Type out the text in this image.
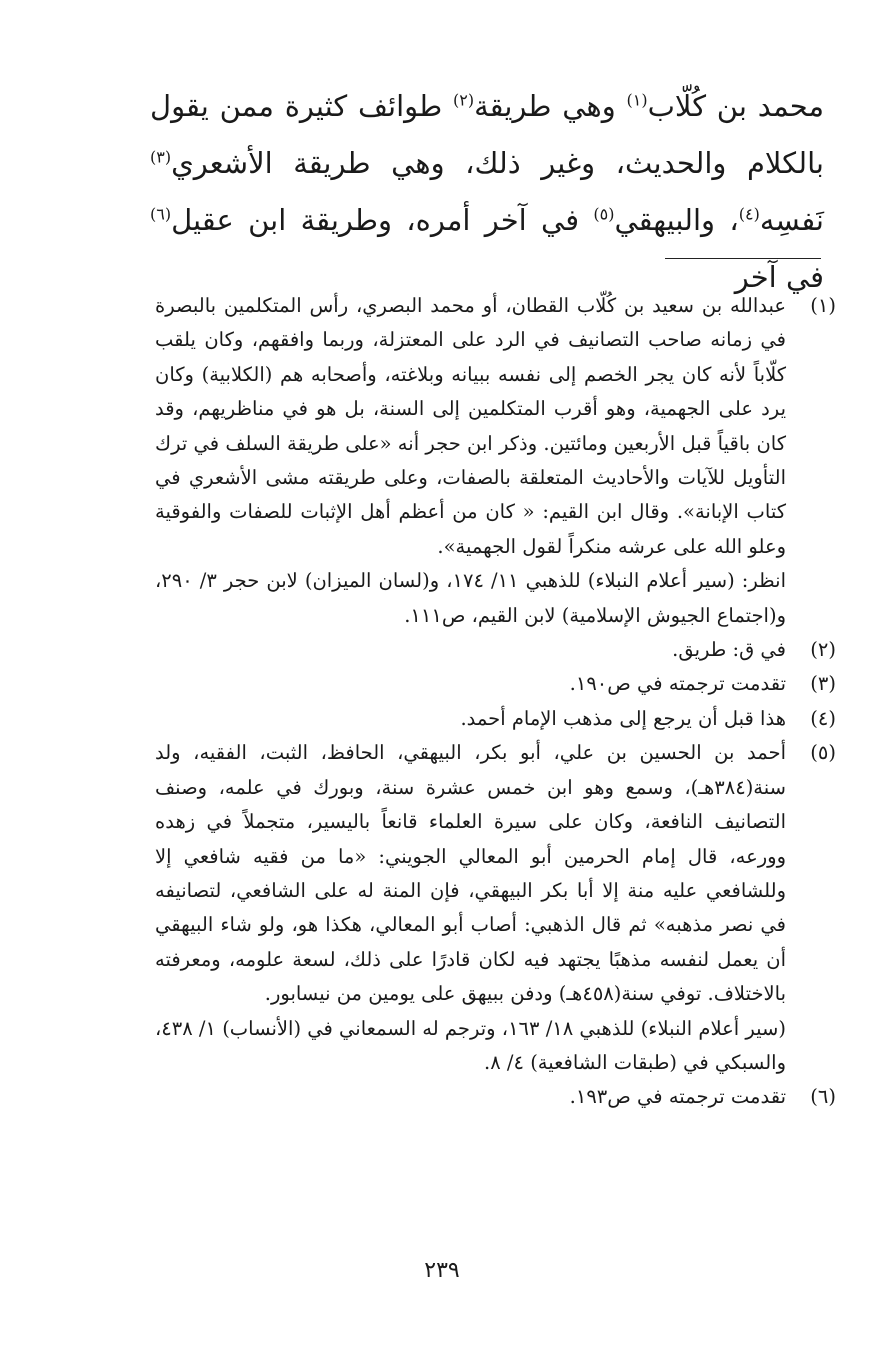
محمد بن كُلّاب$^{(١)}$ وهي طريقة$^{(٢)}$ طوائف كثيرة ممن يقول بالكلام والحديث، وغير ذلك، وهي طريقة الأشعري$^{(٣)}$ نَفسِه$^{(٤)}$، والبيهقي$^{(٥)}$ في آخر أمره، وطريقة ابن عقيل$^{(٦)}$ في آخر

(١)

عبدالله بن سعيد بن كُلّاب القطان، أو محمد البصري، رأس المتكلمين بالبصرة في زمانه صاحب التصانيف في الرد على المعتزلة، وربما وافقهم، وكان يلقب كلّاباً لأنه كان يجر الخصم إلى نفسه ببيانه وبلاغته، وأصحابه هم (الكلابية) وكان يرد على الجهمية، وهو أقرب المتكلمين إلى السنة، بل هو في مناظريهم، وقد كان باقياً قبل الأربعين ومائتين. وذكر ابن حجر أنه «على طريقة السلف في ترك التأويل للآيات والأحاديث المتعلقة بالصفات، وعلى طريقته مشى الأشعري في كتاب الإبانة». وقال ابن القيم: « كان من أعظم أهل الإثبات للصفات والفوقية وعلو الله على عرشه منكراً لقول الجهمية».

انظر: (سير أعلام النبلاء) للذهبي ١١/ ١٧٤، و(لسان الميزان) لابن حجر ٣/ ٢٩٠، و(اجتماع الجيوش الإسلامية) لابن القيم، ص١١١.

(٢)

في ق: طريق.

(٣)

تقدمت ترجمته في ص١٩٠.

(٤)

هذا قبل أن يرجع إلى مذهب الإمام أحمد.

(٥)

أحمد بن الحسين بن علي، أبو بكر، البيهقي، الحافظ، الثبت، الفقيه، ولد سنة(٣٨٤هـ)، وسمع وهو ابن خمس عشرة سنة، وبورك في علمه، وصنف التصانيف النافعة، وكان على سيرة العلماء قانعاً باليسير، متجملاً في زهده وورعه، قال إمام الحرمين أبو المعالي الجويني: «ما من فقيه شافعي إلا وللشافعي عليه منة إلا أبا بكر البيهقي، فإن المنة له على الشافعي، لتصانيفه في نصر مذهبه» ثم قال الذهبي: أصاب أبو المعالي، هكذا هو، ولو شاء البيهقي أن يعمل لنفسه مذهبًا يجتهد فيه لكان قادرًا على ذلك، لسعة علومه، ومعرفته بالاختلاف. توفي سنة(٤٥٨هـ) ودفن ببيهق على يومين من نيسابور.

(سير أعلام النبلاء) للذهبي ١٨/ ١٦٣، وترجم له السمعاني في (الأنساب) ١/ ٤٣٨، والسبكي في (طبقات الشافعية) ٤/ ٨.

(٦)

تقدمت ترجمته في ص١٩٣.

٢٣٩
